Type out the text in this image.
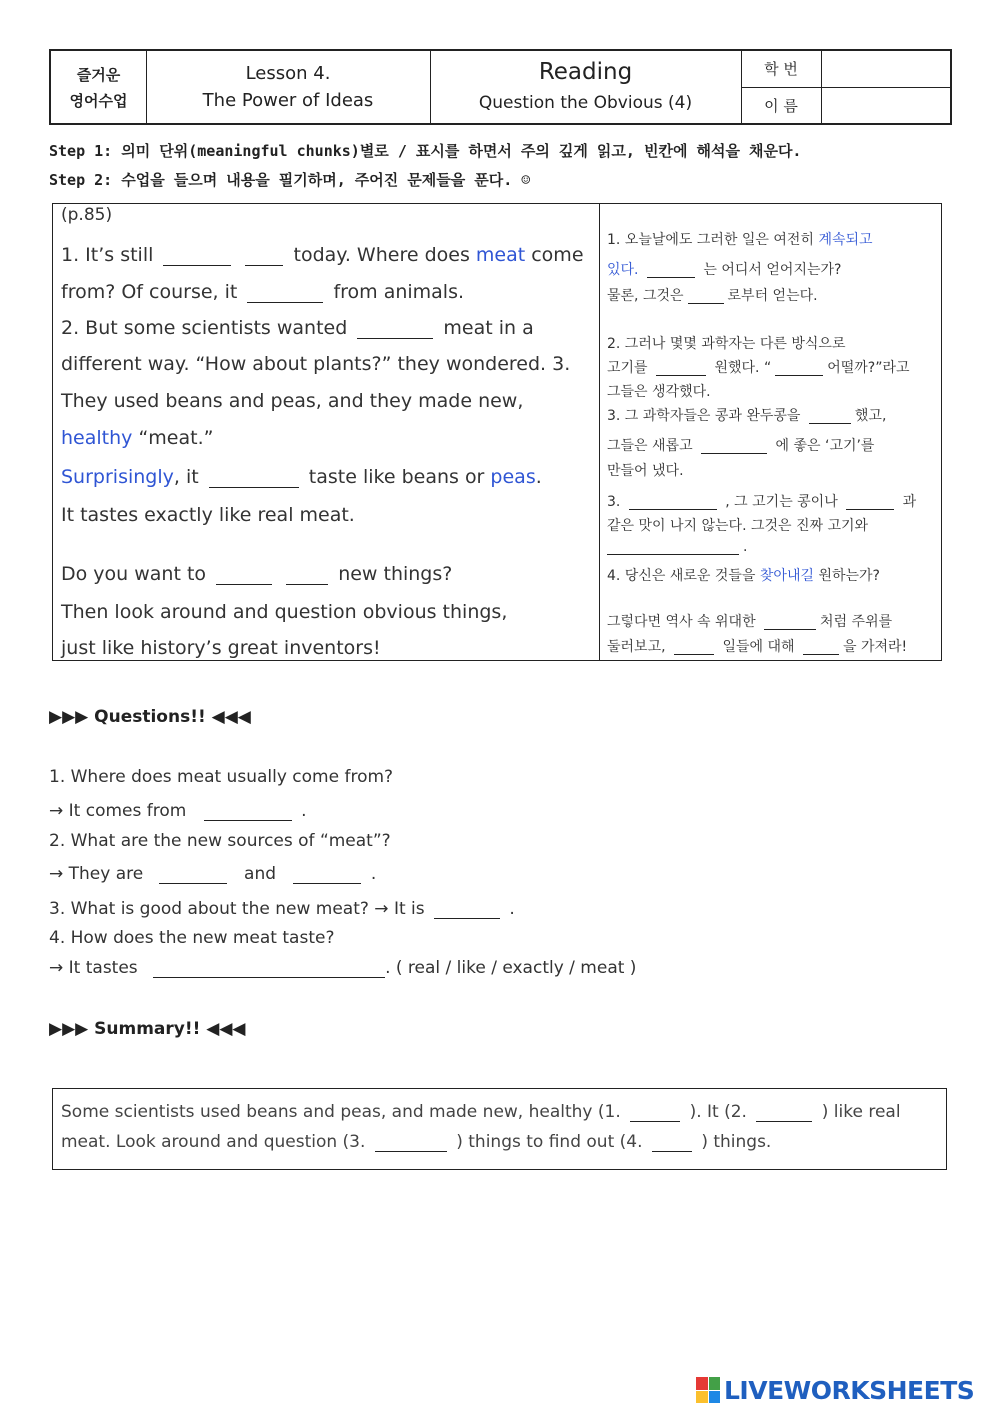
즐거운
영어수업
Lesson 4.
The Power of Ideas
Reading
Question the Obvious (4)
학 번
이 름
Step 1: 의미 단위(meaningful chunks)별로 / 표시를 하면서 주의 깊게 읽고, 빈칸에 해석을 채운다.
Step 2: 수업을 들으며 내용을 필기하며, 주어진 문제들을 푼다. ☺
(p.85)
1. It’s still	today. Where does meat come
from? Of course, it	from animals.
2. But some scientists wanted	meat in a
different way. “How about plants?” they wondered. 3.
They used beans and peas, and they made new,
healthy “meat.”
Surprisingly, it	taste like beans or peas.
It tastes exactly like real meat.
Do you want to	new things?
Then look around and question obvious things,
just like history’s great inventors!
1. 오늘날에도 그러한 일은 여전히 계속되고
있다.	는 어디서 얻어지는가?
물론, 그것은	로부터 얻는다.
2. 그러나 몇몇 과학자는 다른 방식으로
고기를	원했다. “	어떨까?”라고
그들은 생각했다.
3. 그 과학자들은 콩과 완두콩을	했고,
그들은 새롭고	에 좋은 ‘고기’를
만들어 냈다.
3.	, 그 고기는 콩이나	과
같은 맛이 나지 않는다. 그것은 진짜 고기와
.
4. 당신은 새로운 것들을 찾아내길 원하는가?
그렇다면 역사 속 위대한	처럼 주위를
둘러보고,	일들에 대해	을 가져라!
▶▶▶ Questions!! ◀◀◀
1. Where does meat usually come from?
→ It comes from	.
2. What are the new sources of “meat”?
→ They are	and	.
3. What is good about the new meat? → It is	.
4. How does the new meat taste?
→ It tastes	. ( real / like / exactly / meat )
▶▶▶ Summary!! ◀◀◀
Some scientists used beans and peas, and made new, healthy (1.	). It (2.	) like real
meat. Look around and question (3.	) things to find out (4.	) things.
LIVEWORKSHEETS
